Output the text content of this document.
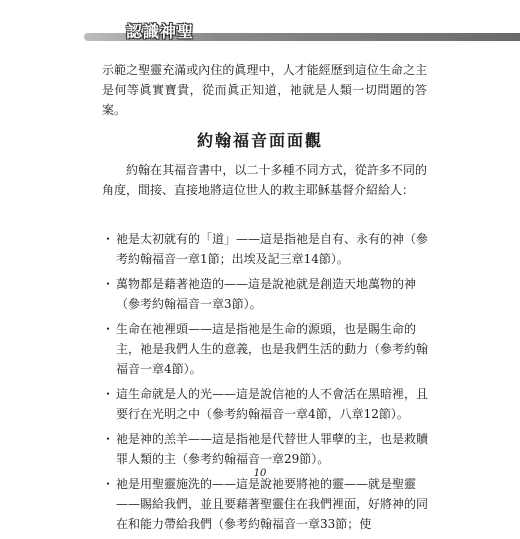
認識神聖
示範之聖靈充滿或內住的眞理中，人才能經歷到這位生命之主是何等眞實寶貴，從而眞正知道，祂就是人類一切問題的答案。
約翰福音面面觀
約翰在其福音書中，以二十多種不同方式，從許多不同的角度，間接、直接地將這位世人的救主耶穌基督介紹給人：
・ 祂是太初就有的「道」——這是指祂是自有、永有的神（參考約翰福音一章1節；出埃及記三章14節）。
・ 萬物都是藉著祂造的——這是說祂就是創造天地萬物的神（參考約翰福音一章3節）。
・ 生命在祂裡頭——這是指祂是生命的源頭，也是賜生命的主，祂是我們人生的意義，也是我們生活的動力（參考約翰福音一章4節）。
・ 這生命就是人的光——這是說信祂的人不會活在黑暗裡，且要行在光明之中（參考約翰福音一章4節，八章12節）。
・ 祂是神的羔羊——這是指祂是代替世人罪孽的主，也是救贖罪人類的主（參考約翰福音一章29節）。
・ 祂是用聖靈施洗的——這是說祂要將祂的靈——就是聖靈——賜給我們，並且要藉著聖靈住在我們裡面，好將神的同在和能力帶給我們（參考約翰福音一章33節；使
10
